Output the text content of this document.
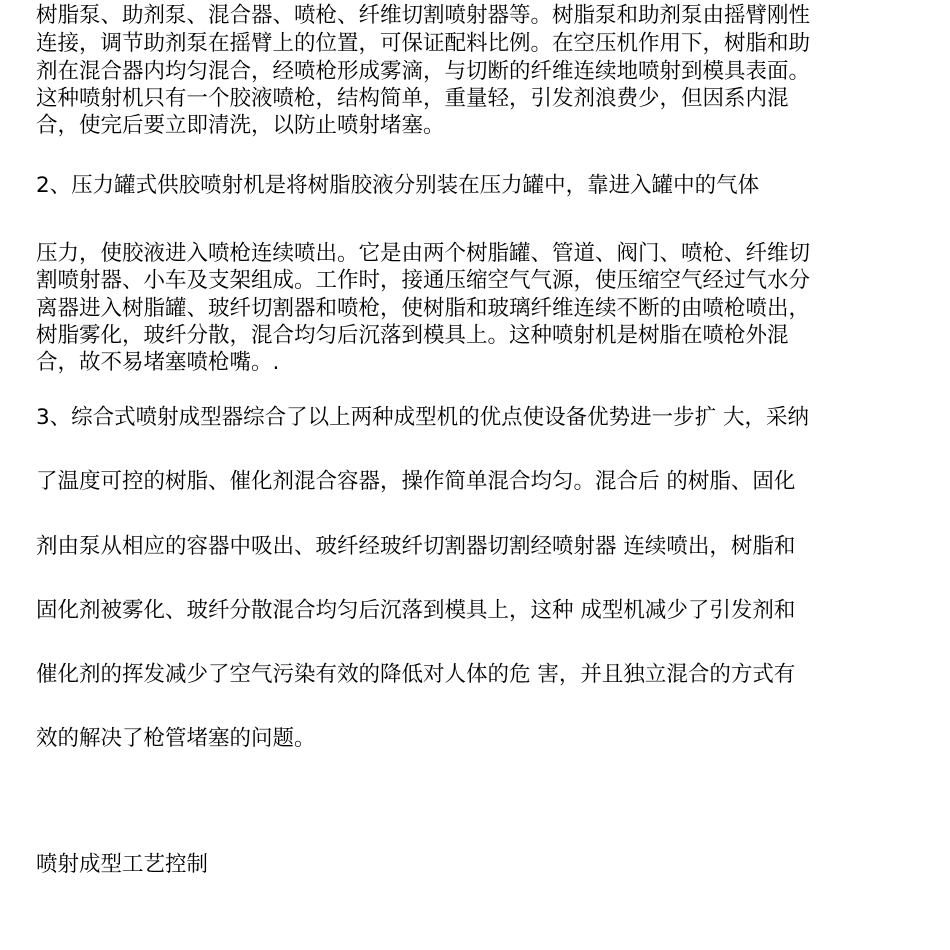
树脂泵、助剂泵、混合器、喷枪、纤维切割喷射器等。树脂泵和助剂泵由摇臂刚性
连接，调节助剂泵在摇臂上的位置，可保证配料比例。在空压机作用下，树脂和助
剂在混合器内均匀混合，经喷枪形成雾滴，与切断的纤维连续地喷射到模具表面。
这种喷射机只有一个胶液喷枪，结构简单，重量轻，引发剂浪费少，但因系内混
合，使完后要立即清洗，以防止喷射堵塞。
2、压力罐式供胶喷射机是将树脂胶液分别装在压力罐中，靠进入罐中的气体
压力，使胶液进入喷枪连续喷出。它是由两个树脂罐、管道、阀门、喷枪、纤维切
割喷射器、小车及支架组成。工作时，接通压缩空气气源，使压缩空气经过气水分
离器进入树脂罐、玻纤切割器和喷枪，使树脂和玻璃纤维连续不断的由喷枪喷出，
树脂雾化，玻纤分散，混合均匀后沉落到模具上。这种喷射机是树脂在喷枪外混
合，故不易堵塞喷枪嘴。.
3、综合式喷射成型器综合了以上两种成型机的优点使设备优势进一步扩 大，采纳
了温度可控的树脂、催化剂混合容器，操作简单混合均匀。混合后 的树脂、固化
剂由泵从相应的容器中吸出、玻纤经玻纤切割器切割经喷射器 连续喷出，树脂和
固化剂被雾化、玻纤分散混合均匀后沉落到模具上，这种 成型机减少了引发剂和
催化剂的挥发减少了空气污染有效的降低对人体的危 害，并且独立混合的方式有
效的解决了枪管堵塞的问题。
喷射成型工艺控制
